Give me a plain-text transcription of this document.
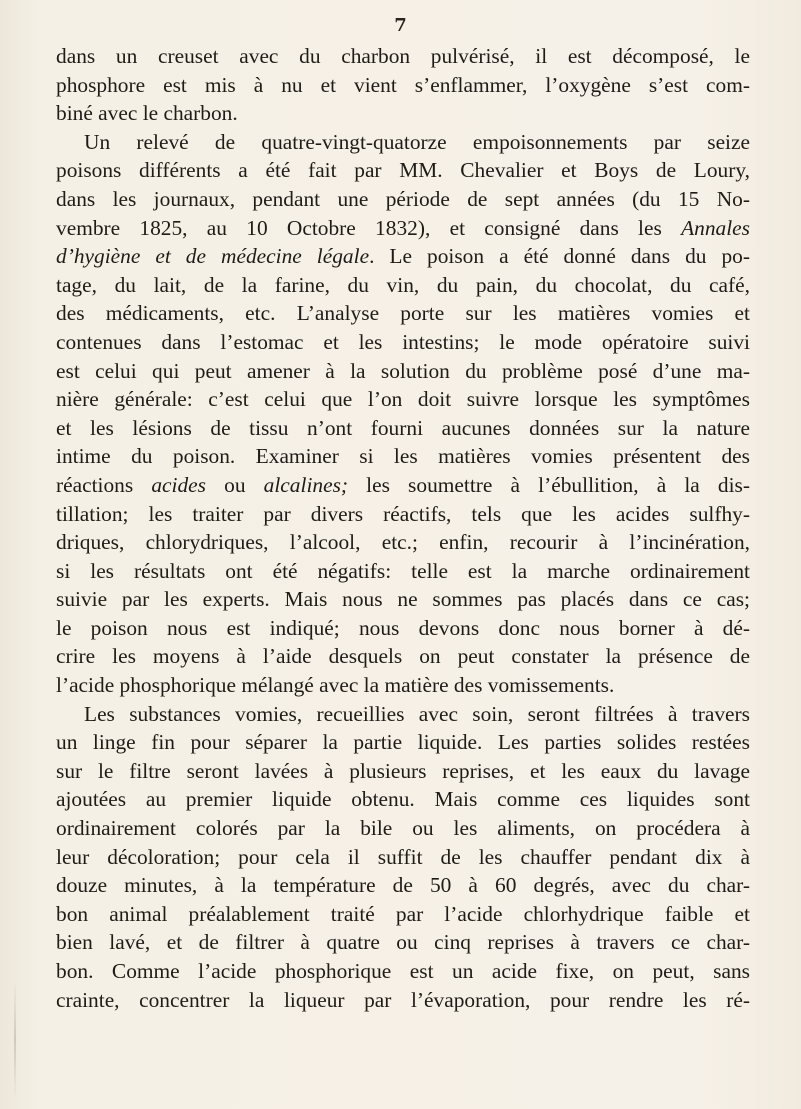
7
dans un creuset avec du charbon pulvérisé, il est décomposé, le
phosphore est mis à nu et vient s’enflammer, l’oxygène s’est com-
biné avec le charbon.
Un relevé de quatre-vingt-quatorze empoisonnements par seize
poisons différents a été fait par MM. Chevalier et Boys de Loury,
dans les journaux, pendant une période de sept années (du 15 No-
vembre 1825, au 10 Octobre 1832), et consigné dans les Annales
d’hygiène et de médecine légale. Le poison a été donné dans du po-
tage, du lait, de la farine, du vin, du pain, du chocolat, du café,
des médicaments, etc. L’analyse porte sur les matières vomies et
contenues dans l’estomac et les intestins; le mode opératoire suivi
est celui qui peut amener à la solution du problème posé d’une ma-
nière générale: c’est celui que l’on doit suivre lorsque les symptômes
et les lésions de tissu n’ont fourni aucunes données sur la nature
intime du poison. Examiner si les matières vomies présentent des
réactions acides ou alcalines; les soumettre à l’ébullition, à la dis-
tillation; les traiter par divers réactifs, tels que les acides sulfhy-
driques, chlorydriques, l’alcool, etc.; enfin, recourir à l’incinération,
si les résultats ont été négatifs: telle est la marche ordinairement
suivie par les experts. Mais nous ne sommes pas placés dans ce cas;
le poison nous est indiqué; nous devons donc nous borner à dé-
crire les moyens à l’aide desquels on peut constater la présence de
l’acide phosphorique mélangé avec la matière des vomissements.
Les substances vomies, recueillies avec soin, seront filtrées à travers
un linge fin pour séparer la partie liquide. Les parties solides restées
sur le filtre seront lavées à plusieurs reprises, et les eaux du lavage
ajoutées au premier liquide obtenu. Mais comme ces liquides sont
ordinairement colorés par la bile ou les aliments, on procédera à
leur décoloration; pour cela il suffit de les chauffer pendant dix à
douze minutes, à la température de 50 à 60 degrés, avec du char-
bon animal préalablement traité par l’acide chlorhydrique faible et
bien lavé, et de filtrer à quatre ou cinq reprises à travers ce char-
bon. Comme l’acide phosphorique est un acide fixe, on peut, sans
crainte, concentrer la liqueur par l’évaporation, pour rendre les ré-
